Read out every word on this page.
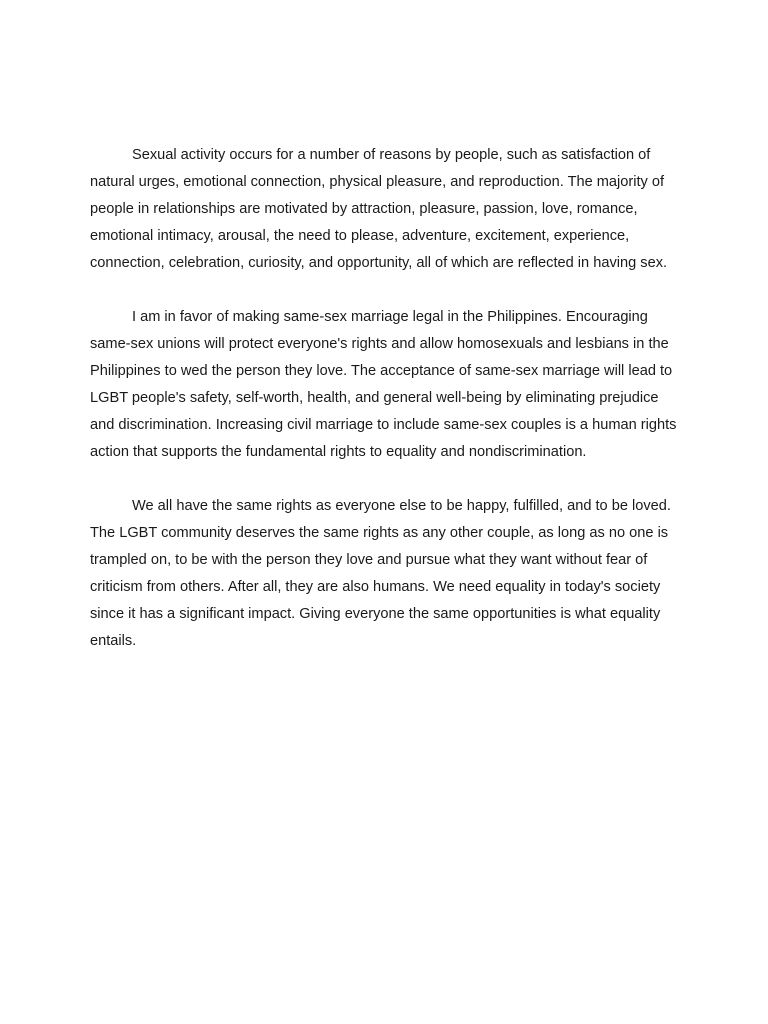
Sexual activity occurs for a number of reasons by people, such as satisfaction of natural urges, emotional connection, physical pleasure, and reproduction. The majority of people in relationships are motivated by attraction, pleasure, passion, love, romance, emotional intimacy, arousal, the need to please, adventure, excitement, experience, connection, celebration, curiosity, and opportunity, all of which are reflected in having sex.

I am in favor of making same-sex marriage legal in the Philippines. Encouraging same-sex unions will protect everyone's rights and allow homosexuals and lesbians in the Philippines to wed the person they love. The acceptance of same-sex marriage will lead to LGBT people's safety, self-worth, health, and general well-being by eliminating prejudice and discrimination. Increasing civil marriage to include same-sex couples is a human rights action that supports the fundamental rights to equality and nondiscrimination.

We all have the same rights as everyone else to be happy, fulfilled, and to be loved. The LGBT community deserves the same rights as any other couple, as long as no one is trampled on, to be with the person they love and pursue what they want without fear of criticism from others. After all, they are also humans. We need equality in today's society since it has a significant impact. Giving everyone the same opportunities is what equality entails.
